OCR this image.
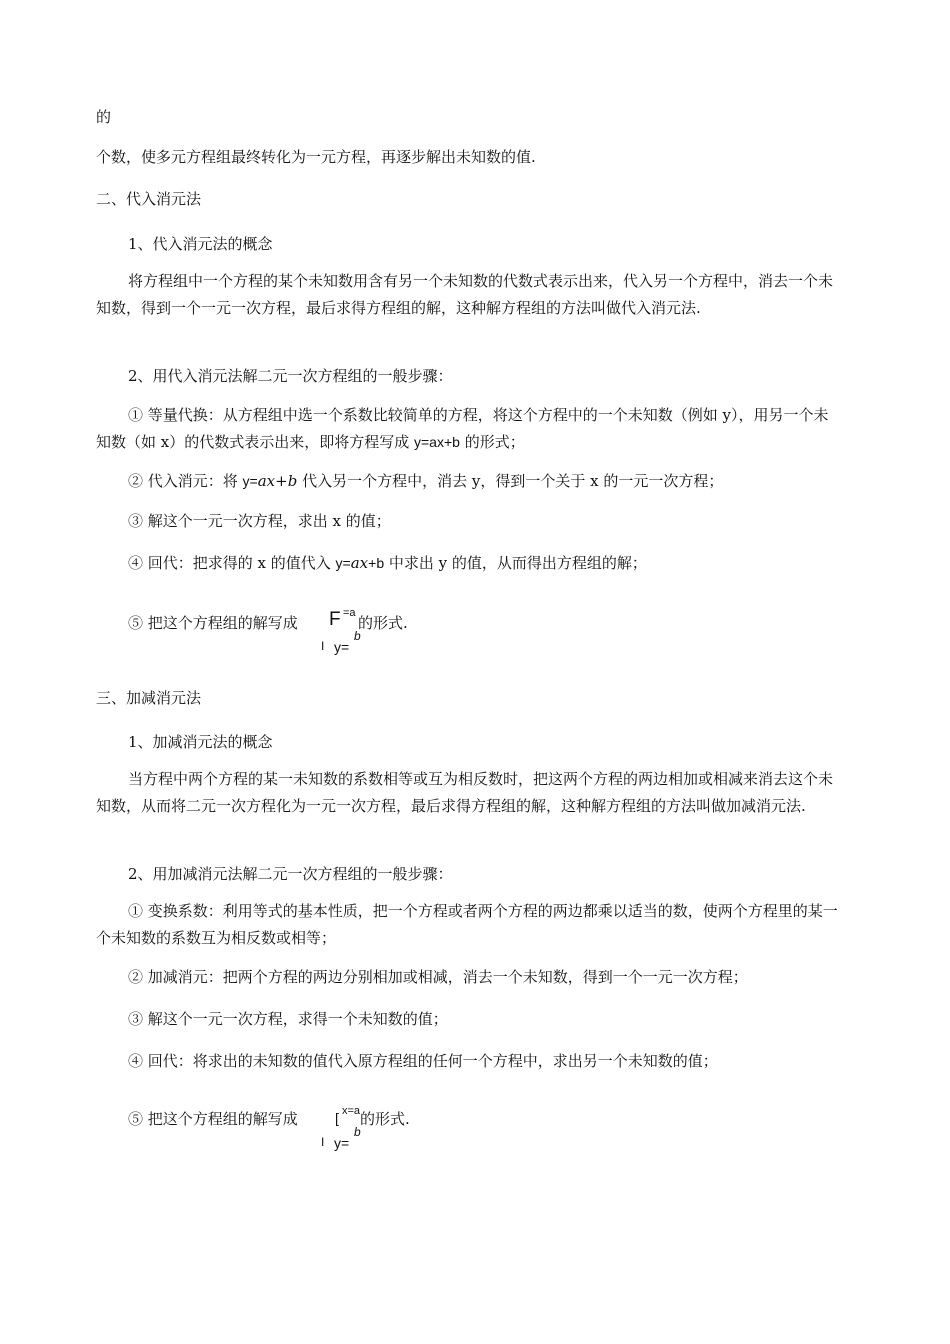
的
个数，使多元方程组最终转化为一元方程，再逐步解出未知数的值.
二、代入消元法
1、代入消元法的概念
将方程组中一个方程的某个未知数用含有另一个未知数的代数式表示出来，代入另一个方程中，消去一个未知数，得到一个一元一次方程，最后求得方程组的解，这种解方程组的方法叫做代入消元法.
2、用代入消元法解二元一次方程组的一般步骤：
① 等量代换：从方程组中选一个系数比较简单的方程，将这个方程中的一个未知数（例如 y），用另一个未知数（如 x）的代数式表示出来，即将方程写成 y=ax+b 的形式；
② 代入消元：将 y=ax+b 代入另一个方程中，消去 y，得到一个关于 x 的一元一次方程；
③ 解这个一元一次方程，求出 x 的值；
④ 回代：把求得的 x 的值代入 y=ax+b 中求出 y 的值，从而得出方程组的解；
⑤ 把这个方程组的解写成	F =a
的形式.
I y=
b
三、加减消元法
1、加减消元法的概念
当方程中两个方程的某一未知数的系数相等或互为相反数时，把这两个方程的两边相加或相减来消去这个未知数，从而将二元一次方程化为一元一次方程，最后求得方程组的解，这种解方程组的方法叫做加减消元法.
2、用加减消元法解二元一次方程组的一般步骤：
① 变换系数：利用等式的基本性质，把一个方程或者两个方程的两边都乘以适当的数，使两个方程里的某一个未知数的系数互为相反数或相等；
② 加减消元：把两个方程的两边分别相加或相减，消去一个未知数，得到一个一元一次方程；
③ 解这个一元一次方程，求得一个未知数的值；
④ 回代：将求出的未知数的值代入原方程组的任何一个方程中，求出另一个未知数的值；
⑤ 把这个方程组的解写成	[ x=a 的形式.
I y=
b
